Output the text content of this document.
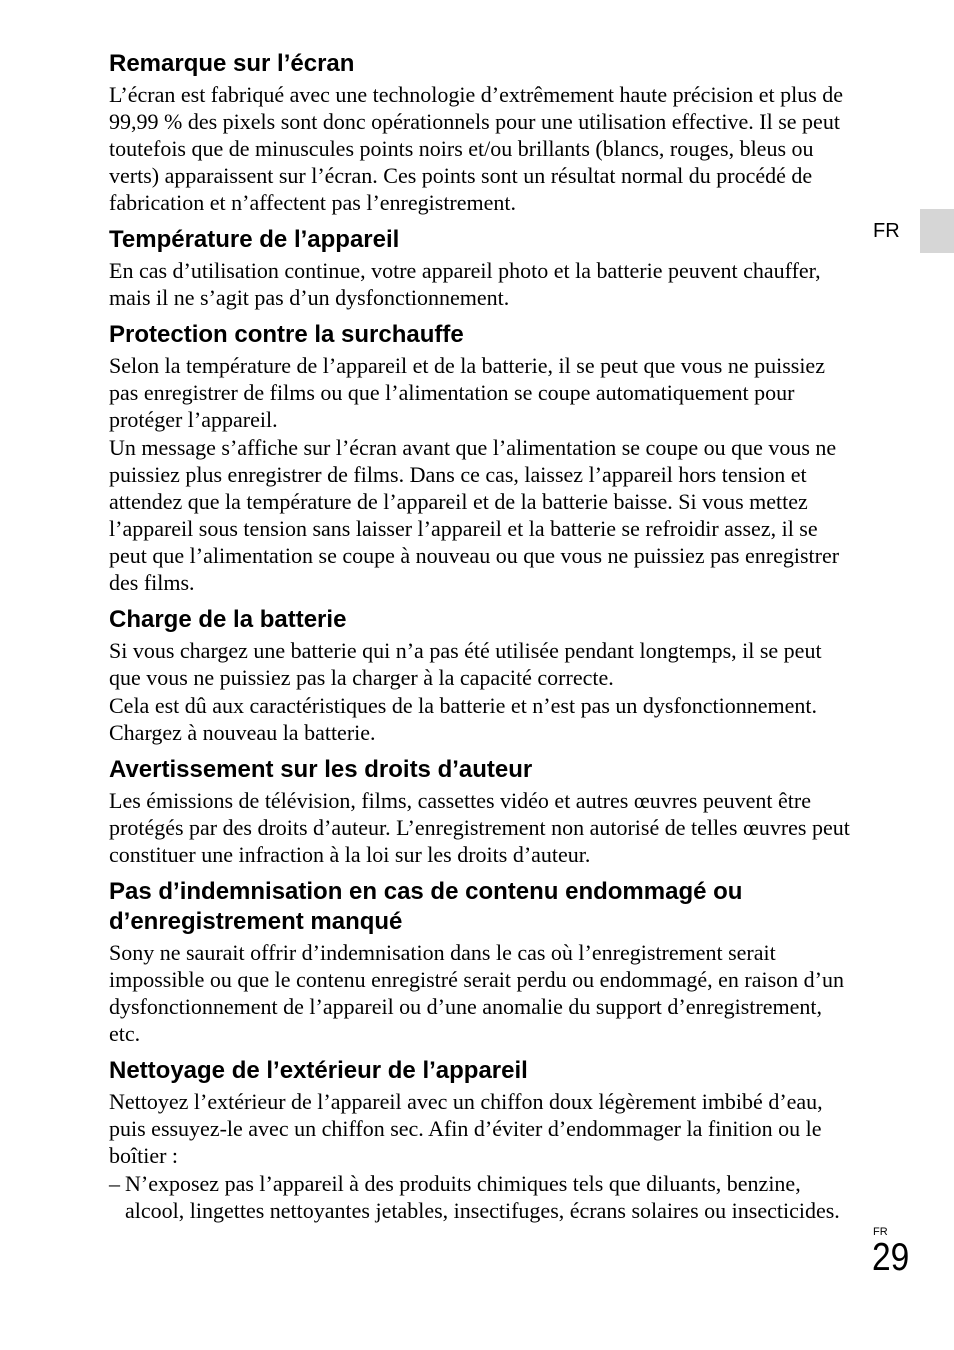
FR
Remarque sur l’écran

L’écran est fabriqué avec une technologie d’extrêmement haute précision et plus de
99,99 % des pixels sont donc opérationnels pour une utilisation effective. Il se peut
toutefois que de minuscules points noirs et/ou brillants (blancs, rouges, bleus ou
verts) apparaissent sur l’écran. Ces points sont un résultat normal du procédé de
fabrication et n’affectent pas l’enregistrement.

Température de l’appareil

En cas d’utilisation continue, votre appareil photo et la batterie peuvent chauffer,
mais il ne s’agit pas d’un dysfonctionnement.

Protection contre la surchauffe

Selon la température de l’appareil et de la batterie, il se peut que vous ne puissiez
pas enregistrer de films ou que l’alimentation se coupe automatiquement pour
protéger l’appareil.

Un message s’affiche sur l’écran avant que l’alimentation se coupe ou que vous ne
puissiez plus enregistrer de films. Dans ce cas, laissez l’appareil hors tension et
attendez que la température de l’appareil et de la batterie baisse. Si vous mettez
l’appareil sous tension sans laisser l’appareil et la batterie se refroidir assez, il se
peut que l’alimentation se coupe à nouveau ou que vous ne puissiez pas enregistrer
des films.

Charge de la batterie

Si vous chargez une batterie qui n’a pas été utilisée pendant longtemps, il se peut
que vous ne puissiez pas la charger à la capacité correcte.

Cela est dû aux caractéristiques de la batterie et n’est pas un dysfonctionnement.
Chargez à nouveau la batterie.

Avertissement sur les droits d’auteur

Les émissions de télévision, films, cassettes vidéo et autres œuvres peuvent être
protégés par des droits d’auteur. L’enregistrement non autorisé de telles œuvres peut
constituer une infraction à la loi sur les droits d’auteur.

Pas d’indemnisation en cas de contenu endommagé ou
d’enregistrement manqué

Sony ne saurait offrir d’indemnisation dans le cas où l’enregistrement serait
impossible ou que le contenu enregistré serait perdu ou endommagé, en raison d’un
dysfonctionnement de l’appareil ou d’une anomalie du support d’enregistrement,
etc.

Nettoyage de l’extérieur de l’appareil

Nettoyez l’extérieur de l’appareil avec un chiffon doux légèrement imbibé d’eau,
puis essuyez-le avec un chiffon sec. Afin d’éviter d’endommager la finition ou le
boîtier :

– N’exposez pas l’appareil à des produits chimiques tels que diluants, benzine,
alcool, lingettes nettoyantes jetables, insectifuges, écrans solaires ou insecticides.
FR
29
